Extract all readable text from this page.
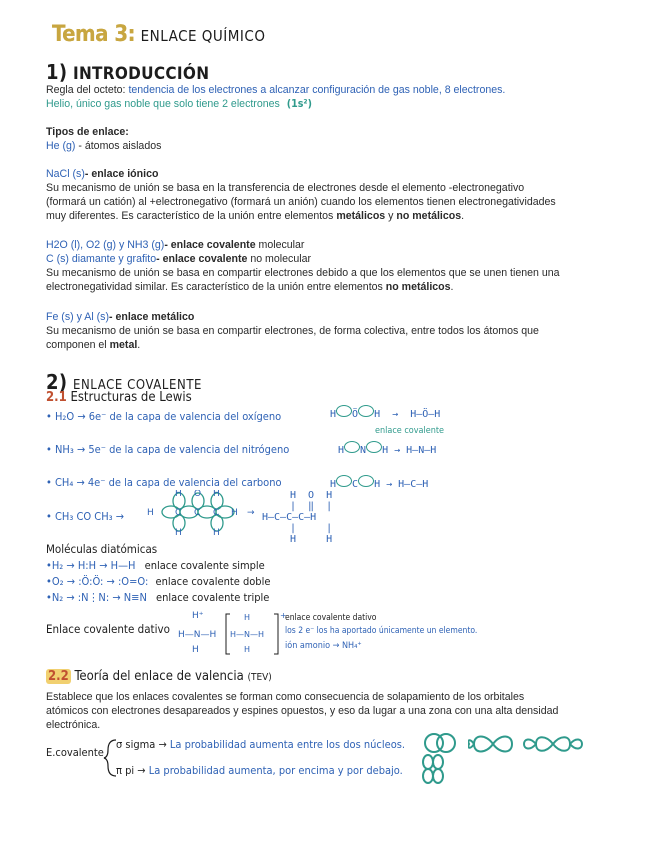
Tema 3: ENLACE QUÍMICO
1) INTRODUCCIÓN
Regla del octeto: tendencia de los electrones a alcanzar configuración de gas noble, 8 electrones.
Helio, único gas noble que solo tiene 2 electrones (1s²)
Tipos de enlace:
He (g) - átomos aislados
NaCl (s)- enlace iónico
Su mecanismo de unión se basa en la transferencia de electrones desde el elemento -electronegativo
(formará un catión) al +electronegativo (formará un anión) cuando los elementos tienen electronegatividades
muy diferentes. Es característico de la unión entre elementos metálicos y no metálicos.
H2O (l), O2 (g) y NH3 (g)- enlace covalente molecular
C (s) diamante y grafito- enlace covalente no molecular
Su mecanismo de unión se basa en compartir electrones debido a que los elementos que se unen tienen una
electronegatividad similar. Es característico de la unión entre elementos no metálicos.
Fe (s) y Al (s)- enlace metálico
Su mecanismo de unión se basa en compartir electrones, de forma colectiva, entre todos los átomos que
componen el metal.
2) ENLACE COVALENTE
2.1 Estructuras de Lewis
• H₂O → 6e⁻ de la capa de valencia del oxígeno	H Ö H  →  H—Ö—H
enlace covalente
• NH₃ → 5e⁻ de la capa de valencia del nitrógeno	H N H → H—N—H
• CH₄ → 4e⁻ de la capa de valencia del carbono	H C H → H—C—H
• CH₃ CO CH₃ →	H C C C H
H O H
H	H
→
H  O  H
|  ‖  |
H—C—C—C—H
|     |
H     H
Moléculas diatómicas
•H₂ → H:H → H—H enlace covalente simple
•O₂ → :Ö:Ö: → :O=O: enlace covalente doble
•N₂ → :N⋮N: → N≡N enlace covalente triple
Enlace covalente dativo
H⁺
H—N—H
H
H
H—N—H
H
+
enlace covalente dativo
los 2 e⁻ los ha aportado únicamente un elemento.
ión amonio → NH₄⁺
2.2 Teoría del enlace de valencia (TEV)
Establece que los enlaces covalentes se forman como consecuencia de solapamiento de los orbitales
atómicos con electrones desapareados y espines opuestos, y eso da lugar a una zona con una alta densidad
electrónica.
E.covalente
σ sigma → La probabilidad aumenta entre los dos núcleos.
π pi → La probabilidad aumenta, por encima y por debajo.
